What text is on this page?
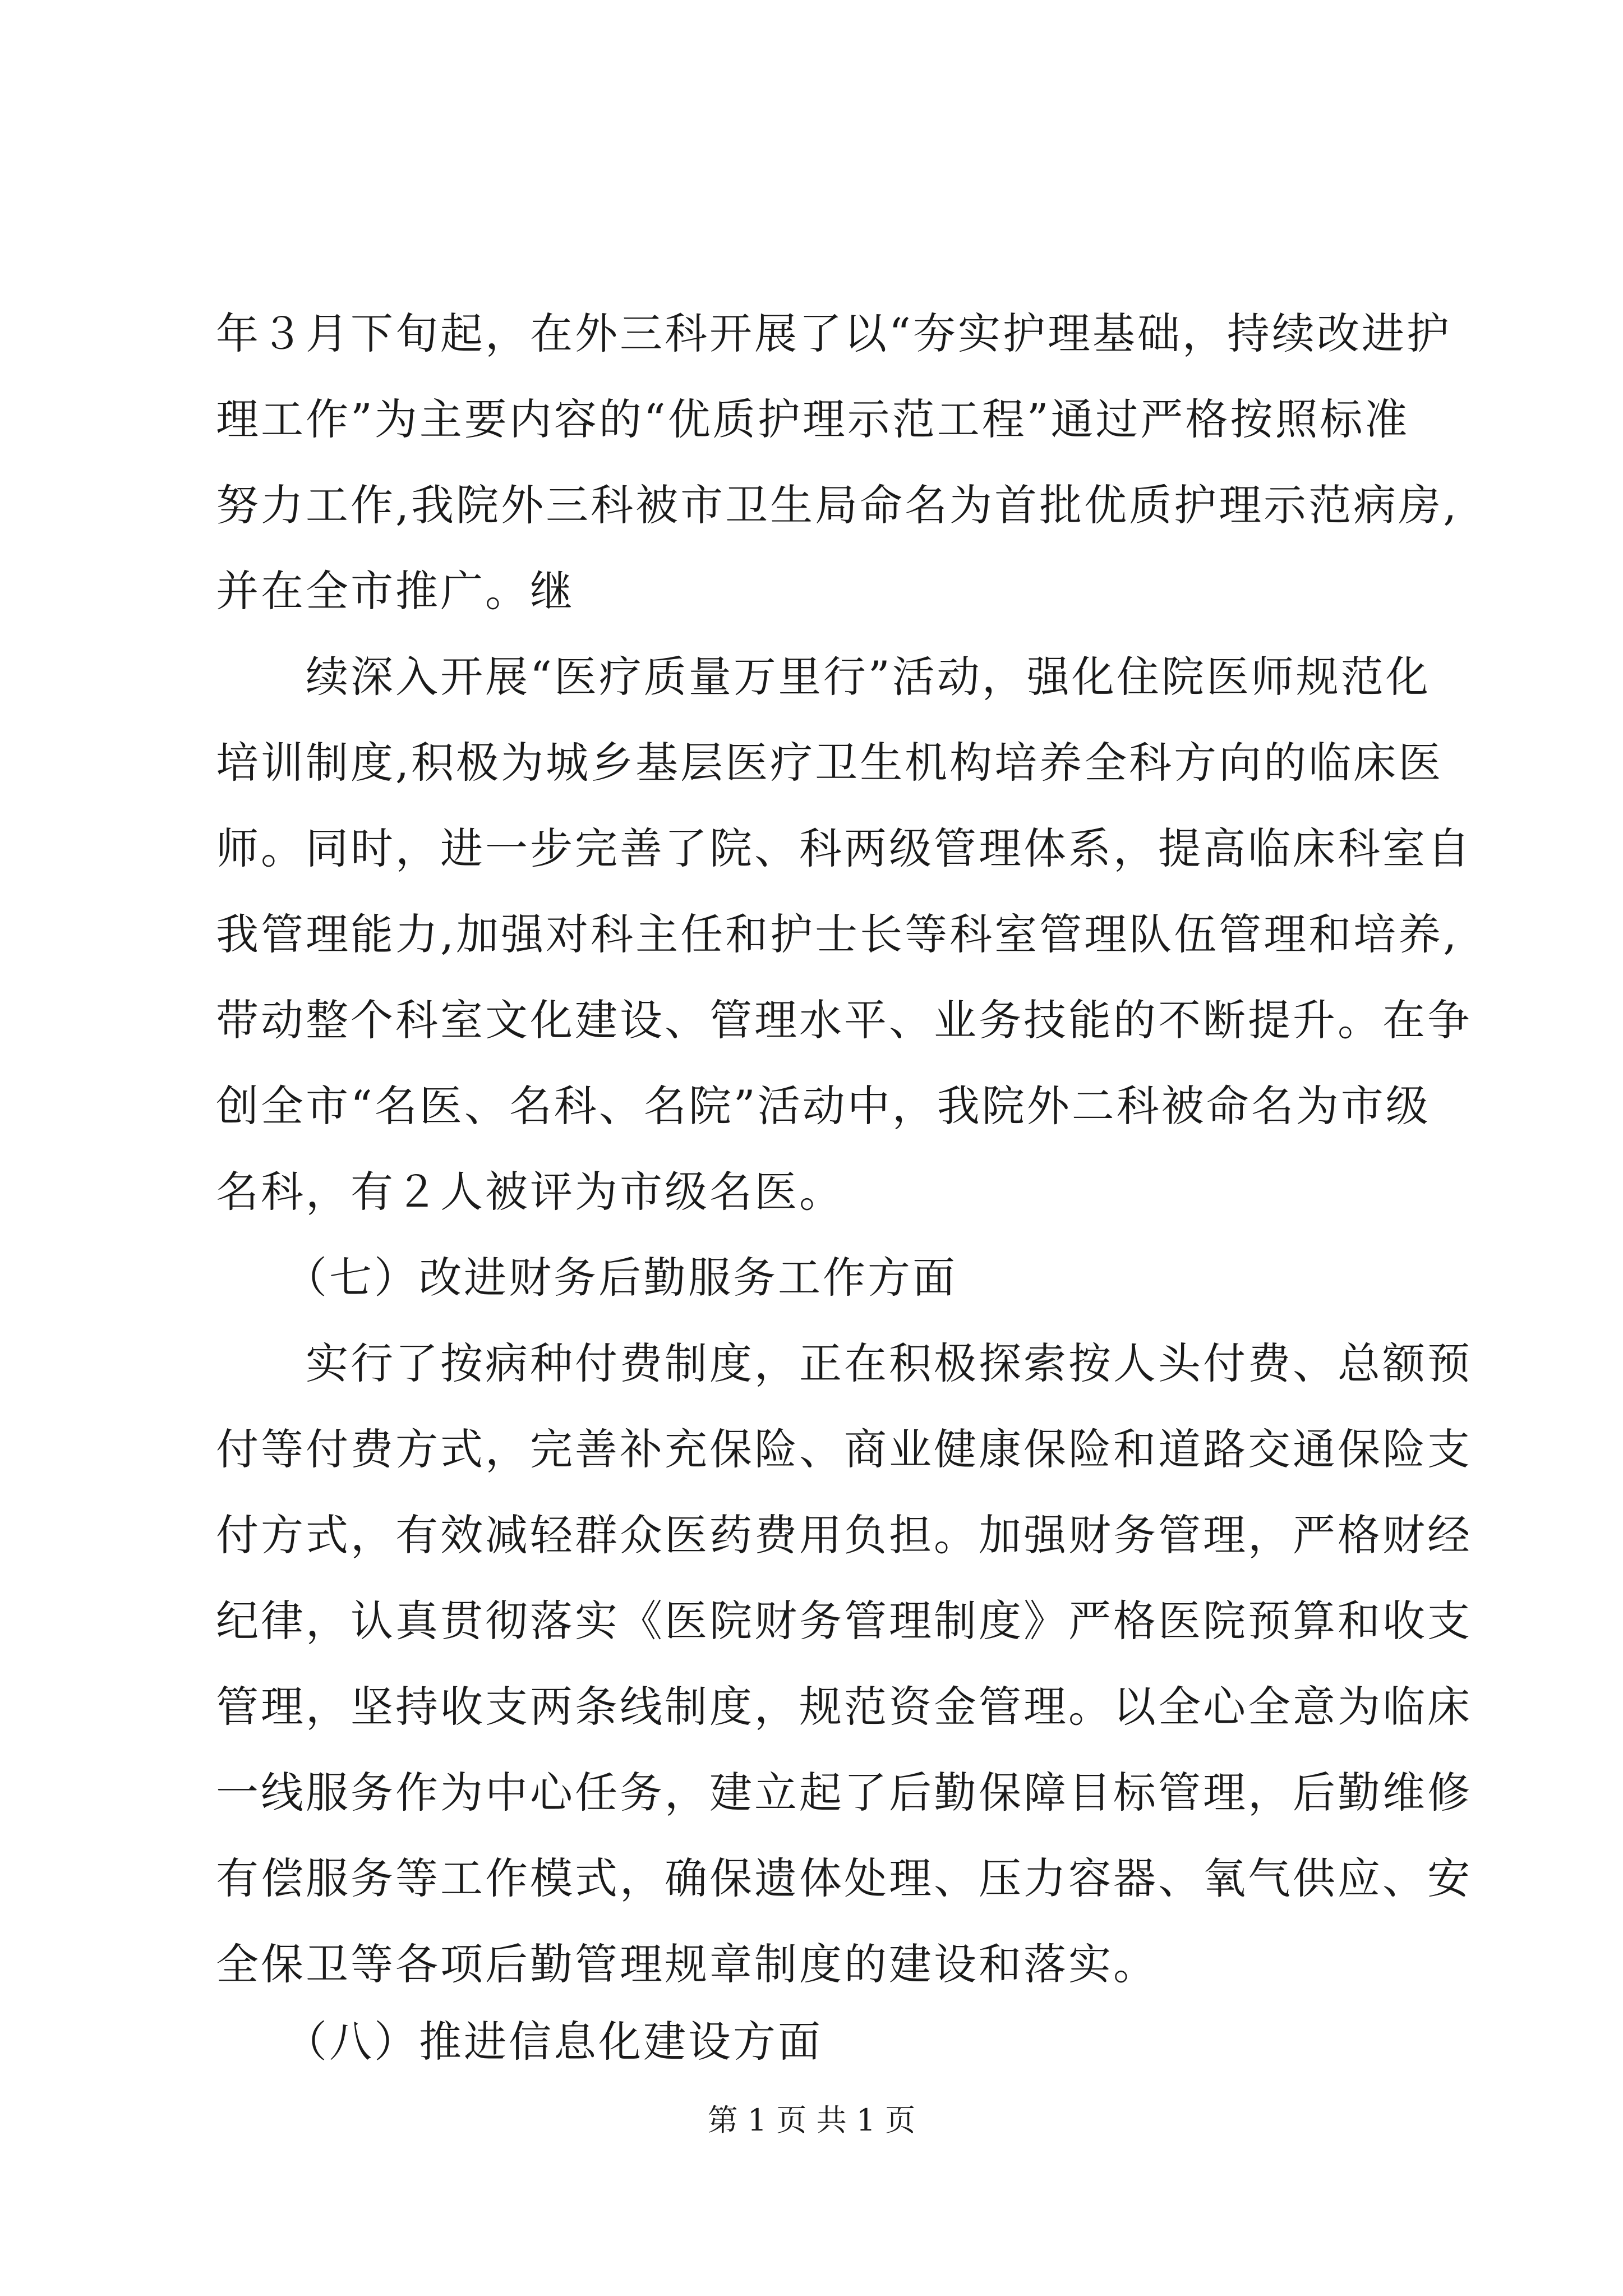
年３月下旬起，在外三科开展了以“夯实护理基础，持续改进护
理工作”为主要内容的“优质护理示范工程”通过严格按照标准
努力工作,我院外三科被市卫生局命名为首批优质护理示范病房,
并在全市推广。继
　　续深入开展“医疗质量万里行”活动，强化住院医师规范化
培训制度,积极为城乡基层医疗卫生机构培养全科方向的临床医
师。同时，进一步完善了院、科两级管理体系，提高临床科室自
我管理能力,加强对科主任和护士长等科室管理队伍管理和培养,
带动整个科室文化建设、管理水平、业务技能的不断提升。在争
创全市“名医、名科、名院”活动中，我院外二科被命名为市级
名科，有２人被评为市级名医。
　　（七）改进财务后勤服务工作方面
　　实行了按病种付费制度，正在积极探索按人头付费、总额预
付等付费方式，完善补充保险、商业健康保险和道路交通保险支
付方式，有效减轻群众医药费用负担。加强财务管理，严格财经
纪律，认真贯彻落实《医院财务管理制度》严格医院预算和收支
管理，坚持收支两条线制度，规范资金管理。以全心全意为临床
一线服务作为中心任务，建立起了后勤保障目标管理，后勤维修
有偿服务等工作模式，确保遗体处理、压力容器、氧气供应、安
全保卫等各项后勤管理规章制度的建设和落实。
　　（八）推进信息化建设方面
第 1 页 共 1 页
